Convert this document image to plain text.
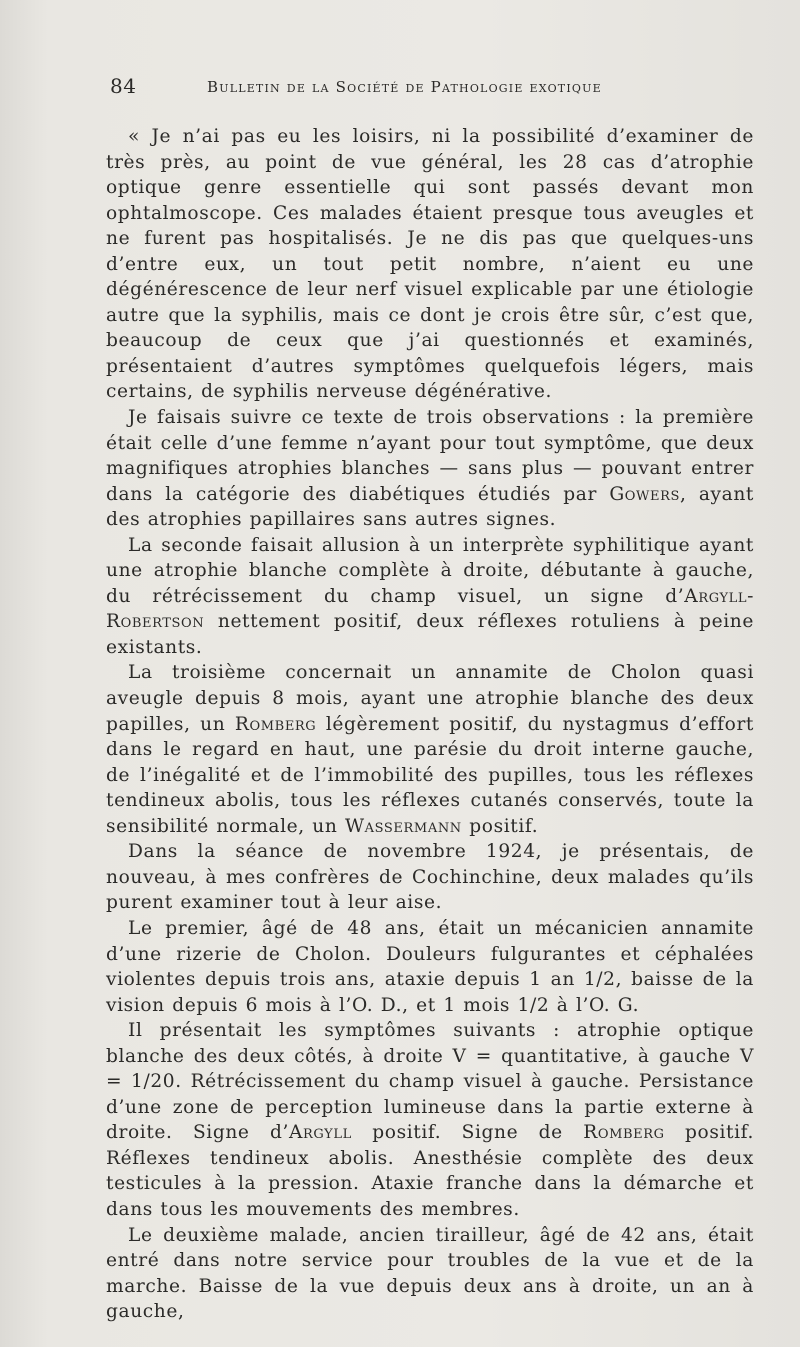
84	Bulletin de la Société de Pathologie exotique

« Je n’ai pas eu les loisirs, ni la possibilité d’examiner de très près, au point de vue général, les 28 cas d’atrophie optique genre essentielle qui sont passés devant mon ophtalmoscope. Ces malades étaient presque tous aveugles et ne furent pas hospitalisés. Je ne dis pas que quelques-uns d’entre eux, un tout petit nombre, n’aient eu une dégénérescence de leur nerf visuel explicable par une étiologie autre que la syphilis, mais ce dont je crois être sûr, c’est que, beaucoup de ceux que j’ai questionnés et examinés, présentaient d’autres symptômes quelquefois légers, mais certains, de syphilis nerveuse dégénérative.

Je faisais suivre ce texte de trois observations : la première était celle d’une femme n’ayant pour tout symptôme, que deux magnifiques atrophies blanches — sans plus — pouvant entrer dans la catégorie des diabétiques étudiés par Gowers, ayant des atrophies papillaires sans autres signes.

La seconde faisait allusion à un interprète syphilitique ayant une atrophie blanche complète à droite, débutante à gauche, du rétrécissement du champ visuel, un signe d’Argyll-Robertson nettement positif, deux réflexes rotuliens à peine existants.

La troisième concernait un annamite de Cholon quasi aveugle depuis 8 mois, ayant une atrophie blanche des deux papilles, un Romberg légèrement positif, du nystagmus d’effort dans le regard en haut, une parésie du droit interne gauche, de l’inégalité et de l’immobilité des pupilles, tous les réflexes tendineux abolis, tous les réflexes cutanés conservés, toute la sensibilité normale, un Wassermann positif.

Dans la séance de novembre 1924, je présentais, de nouveau, à mes confrères de Cochinchine, deux malades qu’ils purent examiner tout à leur aise.

Le premier, âgé de 48 ans, était un mécanicien annamite d’une rizerie de Cholon. Douleurs fulgurantes et céphalées violentes depuis trois ans, ataxie depuis 1 an 1/2, baisse de la vision depuis 6 mois à l’O. D., et 1 mois 1/2 à l’O. G.

Il présentait les symptômes suivants : atrophie optique blanche des deux côtés, à droite V = quantitative, à gauche V = 1/20. Rétrécissement du champ visuel à gauche. Persistance d’une zone de perception lumineuse dans la partie externe à droite. Signe d’Argyll positif. Signe de Romberg positif. Réflexes tendineux abolis. Anesthésie complète des deux testicules à la pression. Ataxie franche dans la démarche et dans tous les mouvements des membres.

Le deuxième malade, ancien tirailleur, âgé de 42 ans, était entré dans notre service pour troubles de la vue et de la marche. Baisse de la vue depuis deux ans à droite, un an à gauche,
